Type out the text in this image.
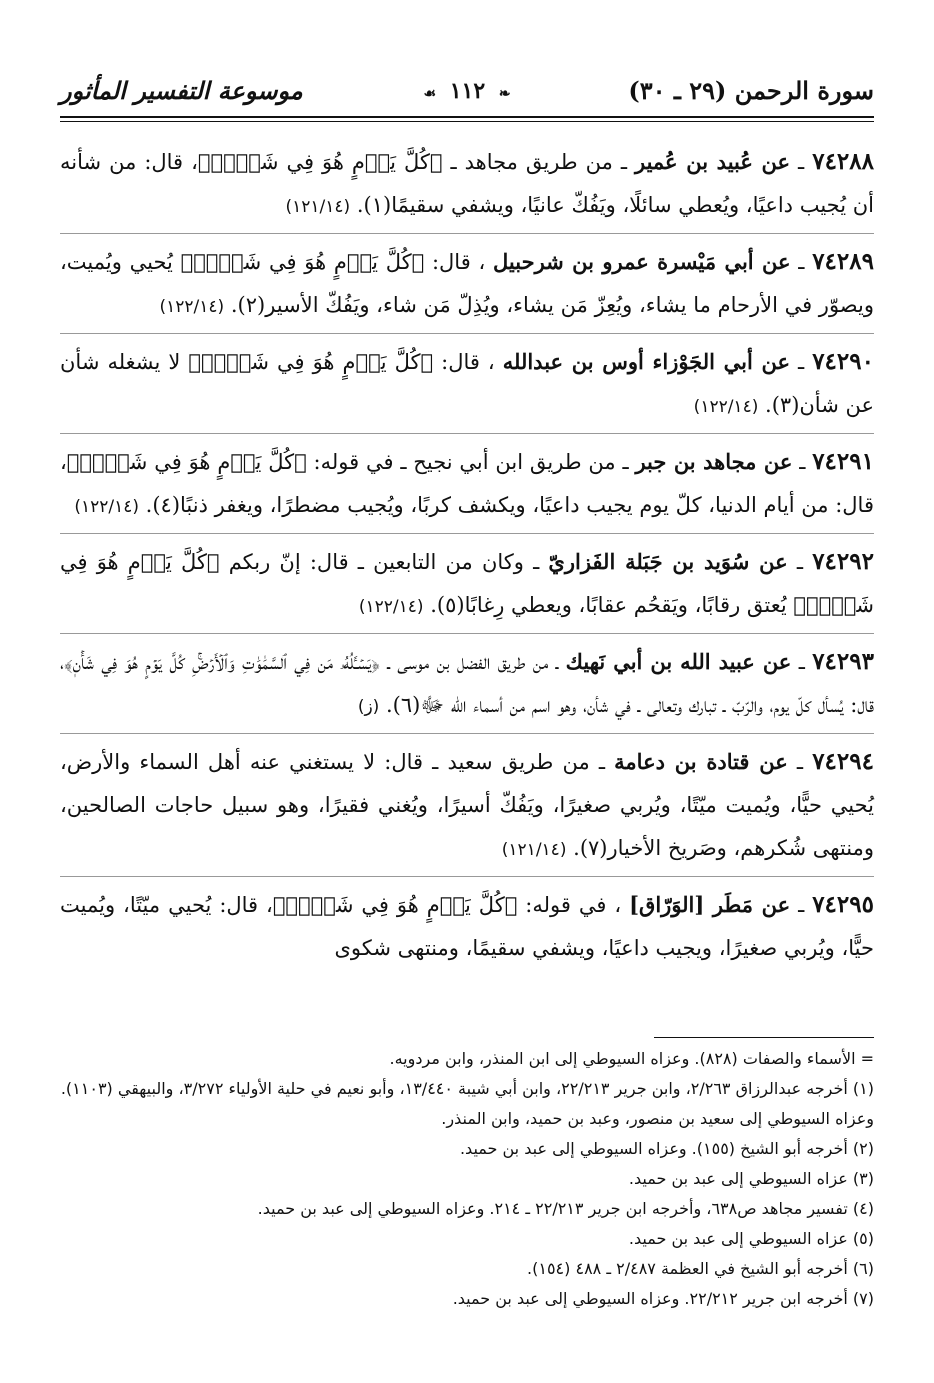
سورة الرحمن (٢٩ ـ ٣٠)
❧ ١١٢ ☙
موسوعة التفسير المأثور

٧٤٢٨٨ ـ عن عُبيد بن عُمير ـ من طريق مجاهد ـ ﴿كُلَّ يَوۡمٍ هُوَ فِي شَأۡنٖ﴾، قال: من شأنه أن يُجيب داعيًا، ويُعطي سائلًا، ويَفُكّ عانيًا، ويشفي سقيمًا(١). (١٢١/١٤)

٧٤٢٨٩ ـ عن أبي مَيْسرة عمرو بن شرحبيل ، قال: ﴿كُلَّ يَوۡمٍ هُوَ فِي شَأۡنٖ﴾ يُحيي ويُميت، ويصوّر في الأرحام ما يشاء، ويُعِزّ مَن يشاء، ويُذِلّ مَن شاء، ويَفُكّ الأسير(٢). (١٢٢/١٤)

٧٤٢٩٠ ـ عن أبي الجَوْزاء أوس بن عبدالله ، قال: ﴿كُلَّ يَوۡمٍ هُوَ فِي شَأۡنٖ﴾ لا يشغله شأن عن شأن(٣). (١٢٢/١٤)

٧٤٢٩١ ـ عن مجاهد بن جبر ـ من طريق ابن أبي نجيح ـ في قوله: ﴿كُلَّ يَوۡمٍ هُوَ فِي شَأۡنٖ﴾، قال: من أيام الدنيا، كلّ يوم يجيب داعيًا، ويكشف كربًا، ويُجيب مضطرًا، ويغفر ذنبًا(٤). (١٢٢/١٤)

٧٤٢٩٢ ـ عن سُوَيد بن جَبَلة الفَزاريّ ـ وكان من التابعين ـ قال: إنّ ربكم ﴿كُلَّ يَوۡمٍ هُوَ فِي شَأۡنٖ﴾ يُعتق رقابًا، ويَقحُم عقابًا، ويعطي رِغابًا(٥). (١٢٢/١٤)

٧٤٢٩٣ ـ عن عبيد الله بن أبي نَهيك ـ من طريق الفضل بن موسى ـ ﴿يَسۡـَٔلُهُۥ مَن فِي ٱلسَّمَٰوَٰتِ وَٱلۡأَرۡضِۚ كُلَّ يَوۡمٍ هُوَ فِي شَأۡنٖ﴾، قال: يُسأل كلّ يوم، والرّبّ ـ تبارك وتعالى ـ في شأن، وهو اسم من أسماء الله ﷻ(٦). (ز)

٧٤٢٩٤ ـ عن قتادة بن دعامة ـ من طريق سعيد ـ قال: لا يستغني عنه أهل السماء والأرض، يُحيي حيًّا، ويُميت ميّتًا، ويُربي صغيرًا، ويَفُكّ أسيرًا، ويُغني فقيرًا، وهو سبيل حاجات الصالحين، ومنتهى شُكرهم، وصَريخ الأخيار(٧). (١٢١/١٤)

٧٤٢٩٥ ـ عن مَطَر [الوَرّاق] ، في قوله: ﴿كُلَّ يَوۡمٍ هُوَ فِي شَأۡنٖ﴾، قال: يُحيي ميّتًا، ويُميت حيًّا، ويُربي صغيرًا، ويجيب داعيًا، ويشفي سقيمًا، ومنتهى شكوى

= الأسماء والصفات (٨٢٨). وعزاه السيوطي إلى ابن المنذر، وابن مردويه.

(١) أخرجه عبدالرزاق ٢/٢٦٣، وابن جرير ٢٢/٢١٣، وابن أبي شيبة ١٣/٤٤٠، وأبو نعيم في حلية الأولياء ٣/٢٧٢، والبيهقي (١١٠٣). وعزاه السيوطي إلى سعيد بن منصور، وعبد بن حميد، وابن المنذر.

(٢) أخرجه أبو الشيخ (١٥٥). وعزاه السيوطي إلى عبد بن حميد.

(٣) عزاه السيوطي إلى عبد بن حميد.

(٤) تفسير مجاهد ص٦٣٨، وأخرجه ابن جرير ٢٢/٢١٣ ـ ٢١٤. وعزاه السيوطي إلى عبد بن حميد.

(٥) عزاه السيوطي إلى عبد بن حميد.

(٦) أخرجه أبو الشيخ في العظمة ٢/٤٨٧ ـ ٤٨٨ (١٥٤).

(٧) أخرجه ابن جرير ٢٢/٢١٢. وعزاه السيوطي إلى عبد بن حميد.
